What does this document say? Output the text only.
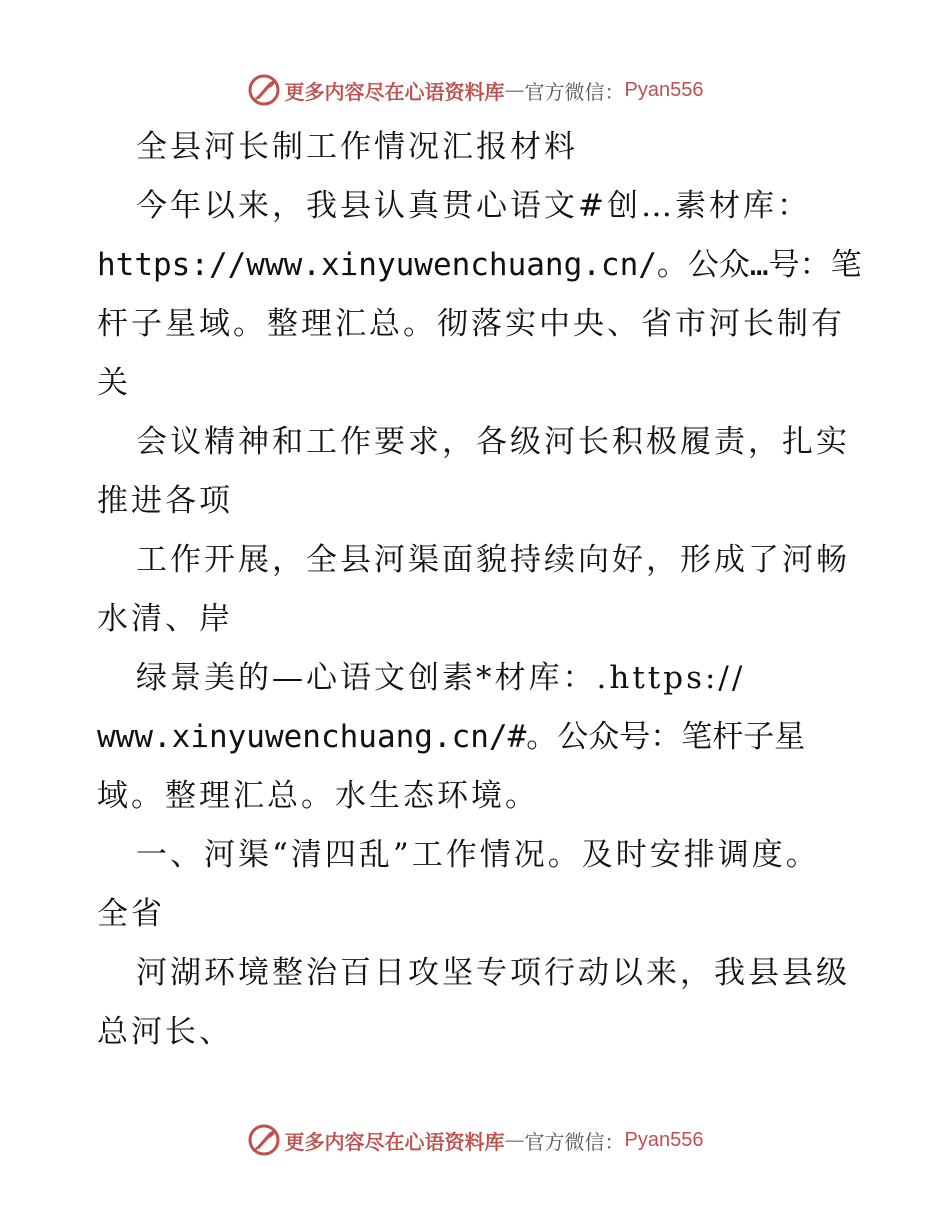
更多内容尽在心语资料库 — 官方微信： Pyan556
全县河长制工作情况汇报材料
今年以来，我县认真贯心语文#创…素材库：
https://www.xinyuwenchuang.cn/。公众…号：笔
杆子星域。整理汇总。彻落实中央、省市河长制有
关
会议精神和工作要求，各级河长积极履责，扎实
推进各项
工作开展，全县河渠面貌持续向好，形成了河畅
水清、岸
绿景美的—心语文创素*材库：.https://
www.xinyuwenchuang.cn/#。公众号：笔杆子星
域。整理汇总。水生态环境。
一、河渠“清四乱”工作情况。及时安排调度。
全省
河湖环境整治百日攻坚专项行动以来，我县县级
总河长、
更多内容尽在心语资料库 — 官方微信： Pyan556
